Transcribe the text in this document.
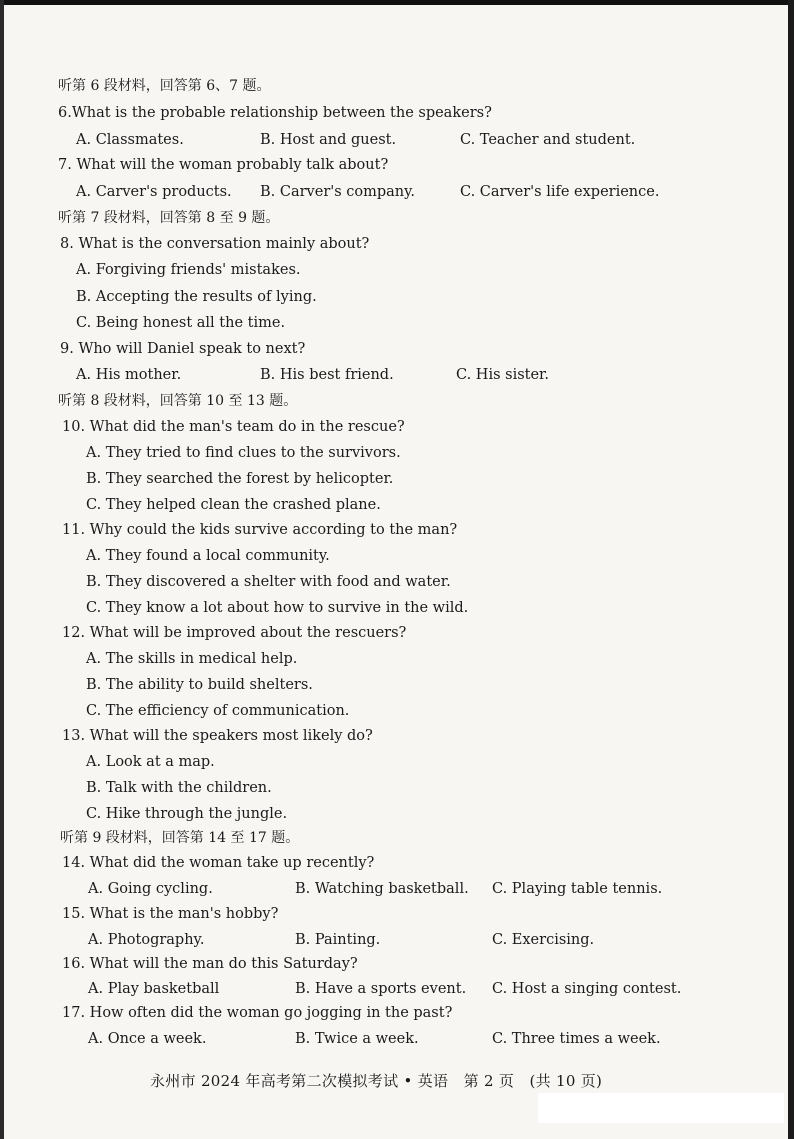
听第 6 段材料，回答第 6、7 题。
6.What is the probable relationship between the speakers?
A. Classmates.	B. Host and guest.	C. Teacher and student.
7. What will the woman probably talk about?
A. Carver's products. B. Carver's company.	C. Carver's life experience.
听第 7 段材料，回答第 8 至 9 题。
8. What is the conversation mainly about?
A. Forgiving friends' mistakes.
B. Accepting the results of lying.
C. Being honest all the time.
9. Who will Daniel speak to next?
A. His mother.	B. His best friend.	C. His sister.
听第 8 段材料，回答第 10 至 13 题。
10. What did the man's team do in the rescue?
A. They tried to find clues to the survivors.
B. They searched the forest by helicopter.
C. They helped clean the crashed plane.
11. Why could the kids survive according to the man?
A. They found a local community.
B. They discovered a shelter with food and water.
C. They know a lot about how to survive in the wild.
12. What will be improved about the rescuers?
A. The skills in medical help.
B. The ability to build shelters.
C. The efficiency of communication.
13. What will the speakers most likely do?
A. Look at a map.
B. Talk with the children.
C. Hike through the jungle.
听第 9 段材料，回答第 14 至 17 题。
14. What did the woman take up recently?
A. Going cycling.	B. Watching basketball. C. Playing table tennis.
15. What is the man's hobby?
A. Photography.	B. Painting.	C. Exercising.
16. What will the man do this Saturday?
A. Play basketball	B. Have a sports event. C. Host a singing contest.
17. How often did the woman go jogging in the past?
A. Once a week.	B. Twice a week.	C. Three times a week.
永州市 2024 年高考第二次模拟考试 • 英语　第 2 页　(共 10 页)
